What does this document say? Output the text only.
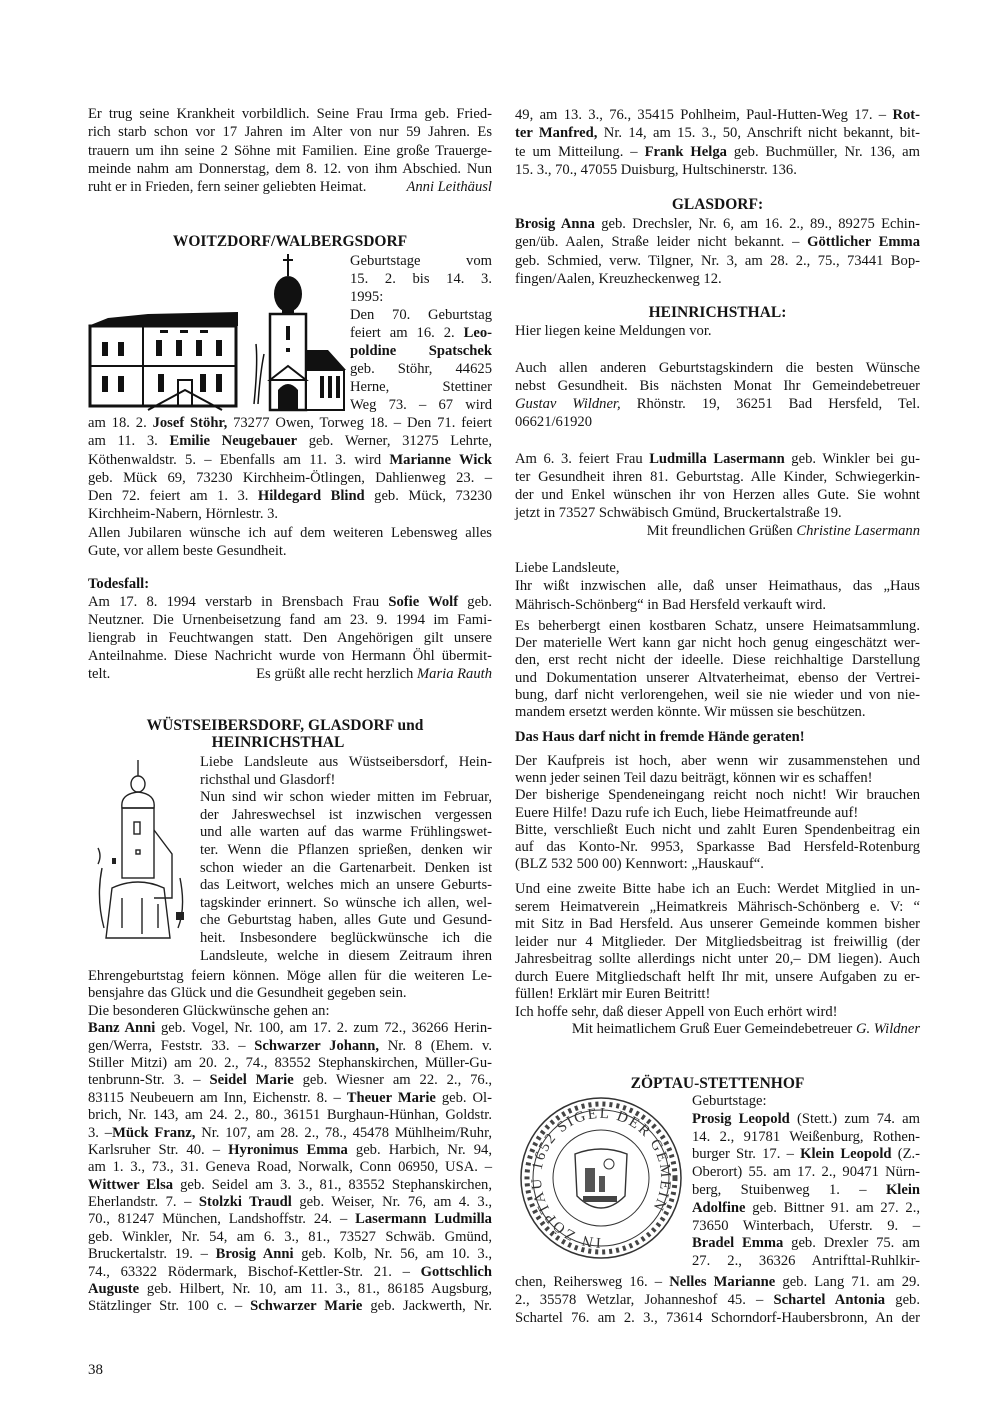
Er trug seine Krankheit vorbildlich. Seine Frau Irma geb. Fried-
rich starb schon vor 17 Jahren im Alter von nur 59 Jahren. Es
trauern um ihn seine 2 Söhne mit Familien. Eine große Trauerge-
meinde nahm am Donnerstag, dem 8. 12. von ihm Abschied. Nun
ruht er in Frieden, fern seiner geliebten Heimat.	Anni Leithäusl
WOITZDORF/WALBERGSDORF
Geburtstage vom
15. 2. bis 14. 3.
1995:
Den 70. Geburtstag
feiert am 16. 2. Leo-
poldine Spatschek
geb. Stöhr, 44625
Herne, Stettiner
Weg 73. – 67 wird
am 18. 2. Josef Stöhr, 73277 Owen, Torweg 18. – Den 71. feiert
am 11. 3. Emilie Neugebauer geb. Werner, 31275 Lehrte,
Köthenwaldstr. 5. – Ebenfalls am 11. 3. wird Marianne Wick
geb. Mück 69, 73230 Kirchheim-Ötlingen, Dahlienweg 23. –
Den 72. feiert am 1. 3. Hildegard Blind geb. Mück, 73230
Kirchheim-Nabern, Hörnlestr. 3.
Allen Jubilaren wünsche ich auf dem weiteren Lebensweg alles
Gute, vor allem beste Gesundheit.
Todesfall:
Am 17. 8. 1994 verstarb in Brensbach Frau Sofie Wolf geb.
Neutzner. Die Urnenbeisetzung fand am 23. 9. 1994 im Fami-
liengrab in Feuchtwangen statt. Den Angehörigen gilt unsere
Anteilnahme. Diese Nachricht wurde von Hermann Öhl übermit-
telt.	Es grüßt alle recht herzlich Maria Rauth
WÜSTSEIBERSDORF, GLASDORF und
HEINRICHSTHAL
Liebe Landsleute aus Wüstseibersdorf, Hein-
richsthal und Glasdorf!
Nun sind wir schon wieder mitten im Februar,
der Jahreswechsel ist inzwischen vergessen
und alle warten auf das warme Frühlingswet-
ter. Wenn die Pflanzen sprießen, denken wir
schon wieder an die Gartenarbeit. Denken ist
das Leitwort, welches mich an unsere Geburts-
tagskinder erinnert. So wünsche ich allen, wel-
che Geburtstag haben, alles Gute und Gesund-
heit. Insbesondere beglückwünsche ich die
Landsleute, welche in diesem Zeitraum ihren
Ehrengeburtstag feiern können. Möge allen für die weiteren Le-
bensjahre das Glück und die Gesundheit gegeben sein.
Die besonderen Glückwünsche gehen an:
Banz Anni geb. Vogel, Nr. 100, am 17. 2. zum 72., 36266 Herin-
gen/Werra, Feststr. 33. – Schwarzer Johann, Nr. 8 (Ehem. v.
Stiller Mitzi) am 20. 2., 74., 83552 Stephanskirchen, Müller-Gu-
tenbrunn-Str. 3. – Seidel Marie geb. Wiesner am 22. 2., 76.,
83115 Neubeuern am Inn, Eichenstr. 8. – Theuer Marie geb. Ol-
brich, Nr. 143, am 24. 2., 80., 36151 Burghaun-Hünhan, Goldstr.
3. –Mück Franz, Nr. 107, am 28. 2., 78., 45478 Mühlheim/Ruhr,
Karlsruher Str. 40. – Hyronimus Emma geb. Harbich, Nr. 94,
am 1. 3., 73., 31. Geneva Road, Norwalk, Conn 06950, USA. –
Wittwer Elsa geb. Seidel am 3. 3., 81., 83552 Stephanskirchen,
Eherlandstr. 7. – Stolzki Traudl geb. Weiser, Nr. 76, am 4. 3.,
70., 81247 München, Landshoffstr. 24. – Lasermann Ludmilla
geb. Winkler, Nr. 54, am 6. 3., 81., 73527 Schwäb. Gmünd,
Bruckertalstr. 19. – Brosig Anni geb. Kolb, Nr. 56, am 10. 3.,
74., 63322 Rödermark, Bischof-Kettler-Str. 21. – Gottschlich
Auguste geb. Hilbert, Nr. 10, am 11. 3., 81., 86185 Augsburg,
Stätzlinger Str. 100 c. – Schwarzer Marie geb. Jackwerth, Nr.
38
49, am 13. 3., 76., 35415 Pohlheim, Paul-Hutten-Weg 17. – Rot-
ter Manfred, Nr. 14, am 15. 3., 50, Anschrift nicht bekannt, bit-
te um Mitteilung. – Frank Helga geb. Buchmüller, Nr. 136, am
15. 3., 70., 47055 Duisburg, Hultschinerstr. 136.
GLASDORF:
Brosig Anna geb. Drechsler, Nr. 6, am 16. 2., 89., 89275 Echin-
gen/üb. Aalen, Straße leider nicht bekannt. – Göttlicher Emma
geb. Schmied, verw. Tilgner, Nr. 3, am 28. 2., 75., 73441 Bop-
fingen/Aalen, Kreuzheckenweg 12.
HEINRICHSTHAL:
Hier liegen keine Meldungen vor.
Auch allen anderen Geburtstagskindern die besten Wünsche
nebst Gesundheit. Bis nächsten Monat Ihr Gemeindebetreuer
Gustav Wildner, Rhönstr. 19, 36251 Bad Hersfeld, Tel.
06621/61920
Am 6. 3. feiert Frau Ludmilla Lasermann geb. Winkler bei gu-
ter Gesundheit ihren 81. Geburtstag. Alle Kinder, Schwiegerkin-
der und Enkel wünschen ihr von Herzen alles Gute. Sie wohnt
jetzt in 73527 Schwäbisch Gmünd, Bruckertalstraße 19.
Mit freundlichen Grüßen Christine Lasermann
Liebe Landsleute,
Ihr wißt inzwischen alle, daß unser Heimathaus, das „Haus
Mährisch-Schönberg“ in Bad Hersfeld verkauft wird.
Es beherbergt einen kostbaren Schatz, unsere Heimatsammlung.
Der materielle Wert kann gar nicht hoch genug eingeschätzt wer-
den, erst recht nicht der ideelle. Diese reichhaltige Darstellung
und Dokumentation unserer Altvaterheimat, ebenso der Vertrei-
bung, darf nicht verlorengehen, weil sie nie wieder und von nie-
mandem ersetzt werden könnte. Wir müssen sie beschützen.
Das Haus darf nicht in fremde Hände geraten!
Der Kaufpreis ist hoch, aber wenn wir zusammenstehen und
wenn jeder seinen Teil dazu beiträgt, können wir es schaffen!
Der bisherige Spendeneingang reicht noch nicht! Wir brauchen
Euere Hilfe! Dazu rufe ich Euch, liebe Heimatfreunde auf!
Bitte, verschließt Euch nicht und zahlt Euren Spendenbeitrag ein
auf das Konto-Nr. 9953, Sparkasse Bad Hersfeld-Rotenburg
(BLZ 532 500 00) Kennwort: „Hauskauf“.
Und eine zweite Bitte habe ich an Euch: Werdet Mitglied in un-
serem Heimatverein „Heimatkreis Mährisch-Schönberg e. V: “
mit Sitz in Bad Hersfeld. Aus unserer Gemeinde kommen bisher
leider nur 4 Mitglieder. Der Mitgliedsbeitrag ist freiwillig (der
Jahresbeitrag sollte allerdings nicht unter 20,– DM liegen). Auch
durch Euere Mitgliedschaft helft Ihr mit, unsere Aufgaben zu er-
füllen! Erklärt mir Euren Beitritt!
Ich hoffe sehr, daß dieser Appell von Euch erhört wird!
Mit heimatlichem Gruß Euer Gemeindebetreuer G. Wildner
ZÖPTAU-STETTENHOF
IN ZÖPTAU 1652 SIGEL DER GEMEIN
Geburtstage:
Prosig Leopold (Stett.) zum 74. am
14. 2., 91781 Weißenburg, Rothen-
burger Str. 17. – Klein Leopold (Z.-
Oberort) 55. am 17. 2., 90471 Nürn-
berg, Stuibenweg 1. – Klein
Adolfine geb. Bittner 91. am 27. 2.,
73650 Winterbach, Uferstr. 9. –
Bradel Emma geb. Drexler 75. am
27. 2., 36326 Antrifttal-Ruhlkir-
chen, Reihersweg 16. – Nelles Marianne geb. Lang 71. am 29.
2., 35578 Wetzlar, Johanneshof 45. – Schartel Antonia geb.
Schartel 76. am 2. 3., 73614 Schorndorf-Haubersbronn, An der
